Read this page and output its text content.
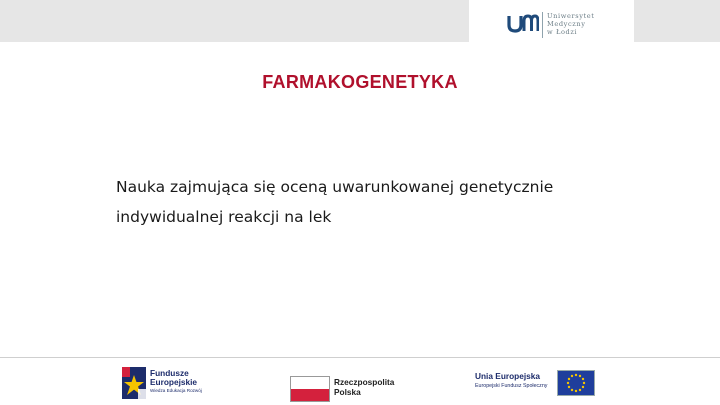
Uniwersytet
Medyczny
w Łodzi
FARMAKOGENETYKA
Nauka zajmująca się oceną uwarunkowanej genetycznie
indywidualnej reakcji na lek
Fundusze
Europejskie
Wiedza Edukacja Rozwój
Rzeczpospolita
Polska
Unia Europejska
Europejski Fundusz Społeczny
